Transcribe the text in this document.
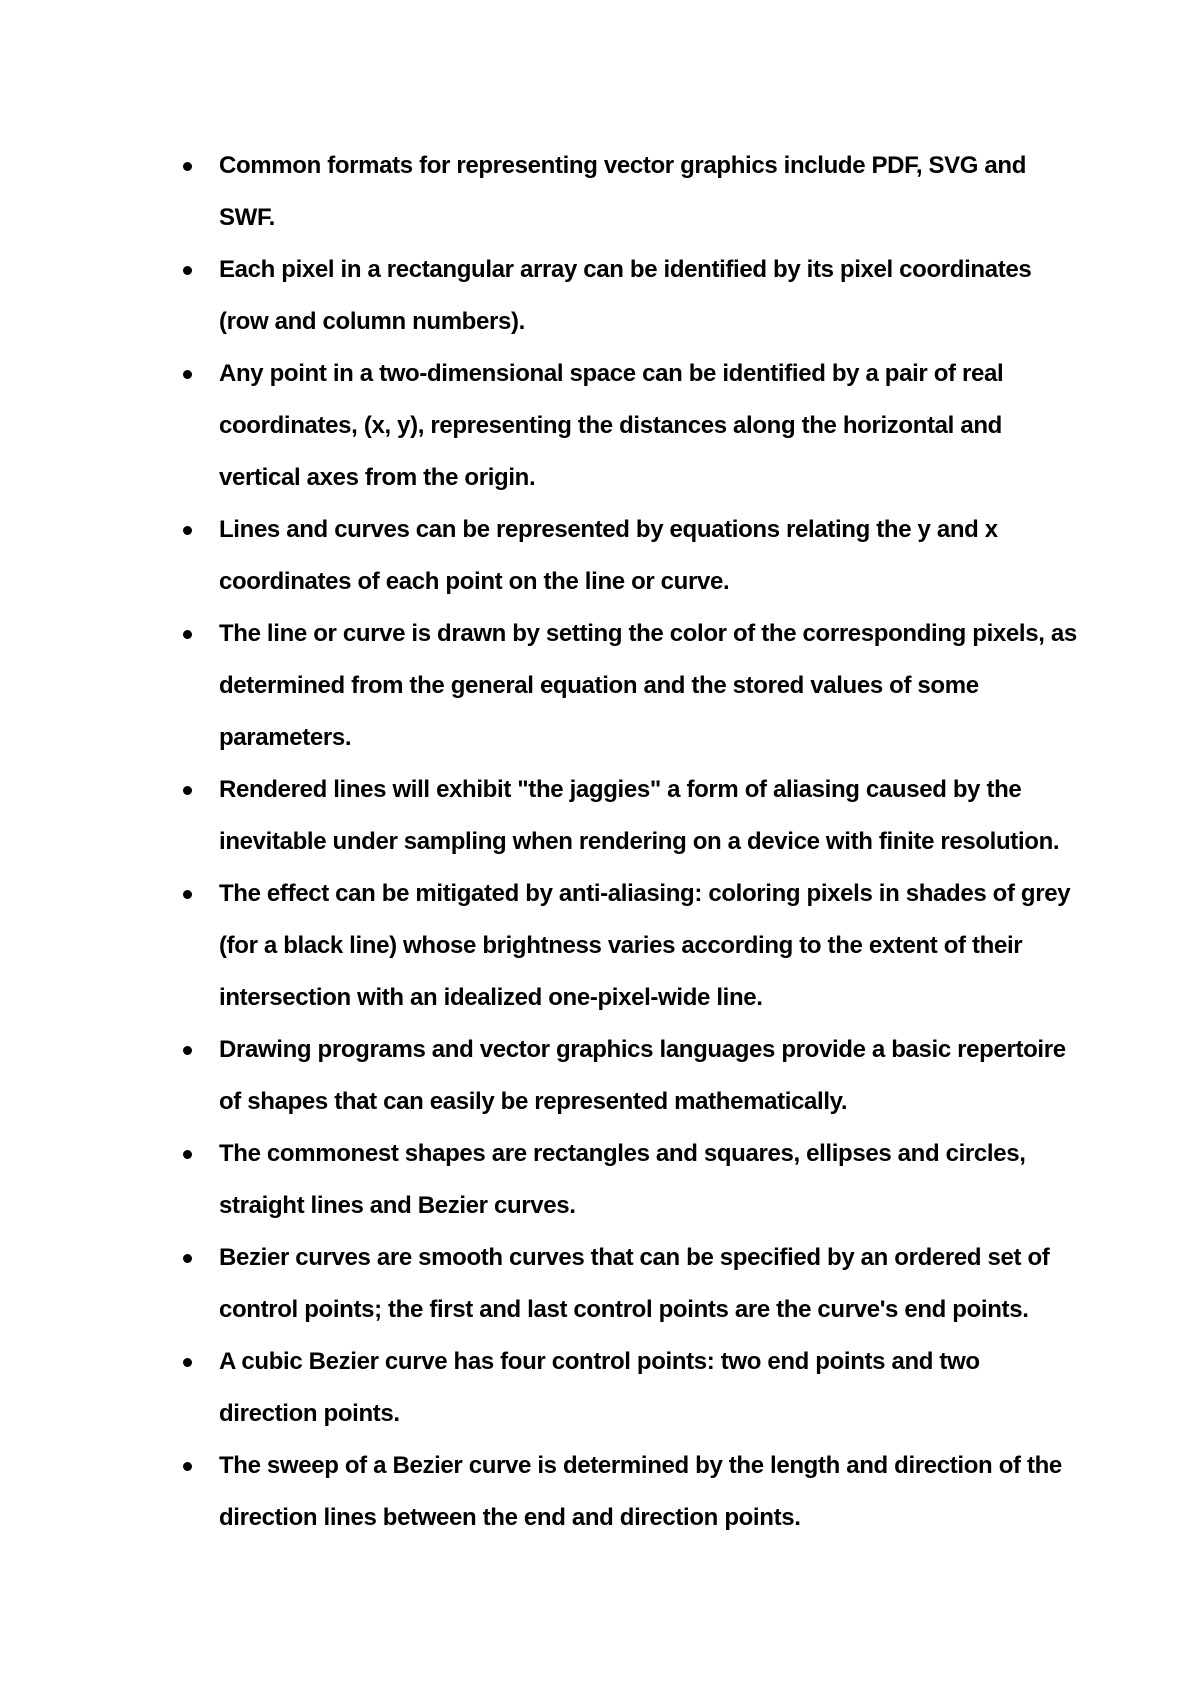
Common formats for representing vector graphics include PDF, SVG and SWF.
Each pixel in a rectangular array can be identified by its pixel coordinates (row and column numbers).
Any point in a two-dimensional space can be identified by a pair of real coordinates, (x, y), representing the distances along the horizontal and vertical axes from the origin.
Lines and curves can be represented by equations relating the y and x coordinates of each point on the line or curve.
The line or curve is drawn by setting the color of the corresponding pixels, as determined from the general equation and the stored values of some parameters.
Rendered lines will exhibit "the jaggies" a form of aliasing caused by the inevitable under sampling when rendering on a device with finite resolution.
The effect can be mitigated by anti-aliasing: coloring pixels in shades of grey (for a black line) whose brightness varies according to the extent of their intersection with an idealized one-pixel-wide line.
Drawing programs and vector graphics languages provide a basic repertoire of shapes that can easily be represented mathematically.
The commonest shapes are rectangles and squares, ellipses and circles, straight lines and Bezier curves.
Bezier curves are smooth curves that can be specified by an ordered set of control points; the first and last control points are the curve's end points.
A cubic Bezier curve has four control points: two end points and two direction points.
The sweep of a Bezier curve is determined by the length and direction of the direction lines between the end and direction points.
